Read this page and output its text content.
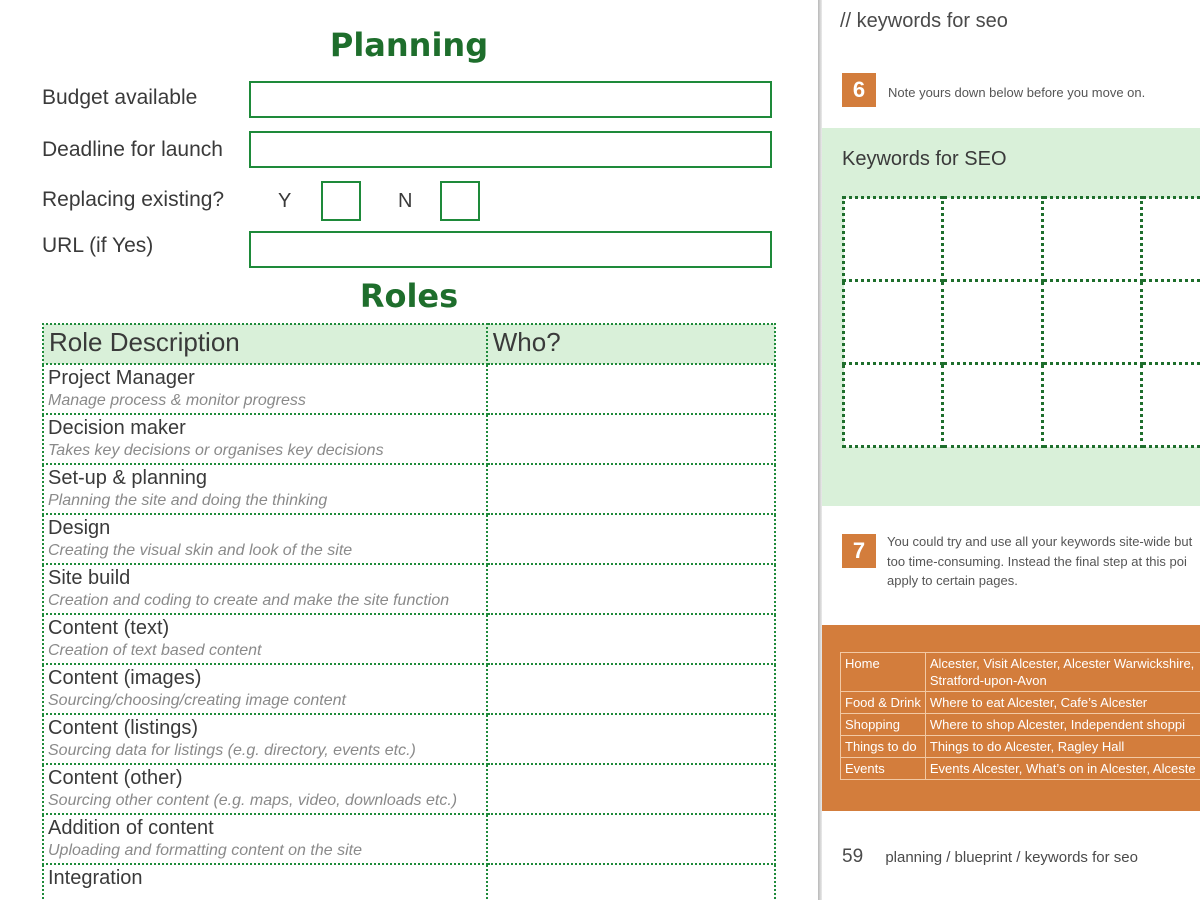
Planning
Budget available
Deadline for launch
Replacing existing?	Y	N
URL (if Yes)
Roles
Role Description	Who?

Project Manager
Manage process & monitor progress	

Decision maker
Takes key decisions or organises key decisions	

Set-up & planning
Planning the site and doing the thinking	

Design
Creating the visual skin and look of the site	

Site build
Creation and coding to create and make the site function	

Content (text)
Creation of text based content	

Content (images)
Sourcing/choosing/creating image content	

Content (listings)
Sourcing data for listings (e.g. directory, events etc.)	

Content (other)
Sourcing other content (e.g. maps, video, downloads etc.)	

Addition of content
Uploading and formatting content on the site	

Integration	

// keywords for seo
6	Note yours down below before you move on.
Keywords for SEO

7	You could try and use all your keywords site-wide but
too time-consuming. Instead the final step at this poi
apply to certain pages.
Home	Alcester, Visit Alcester, Alcester Warwickshire,
Stratford-upon-Avon

Food & Drink	Where to eat Alcester, Cafe’s Alcester
Shopping	Where to shop Alcester, Independent shoppi
Things to do	Things to do Alcester, Ragley Hall
Events	Events Alcester, What’s on in Alcester, Alceste
59 planning / blueprint / keywords for seo
